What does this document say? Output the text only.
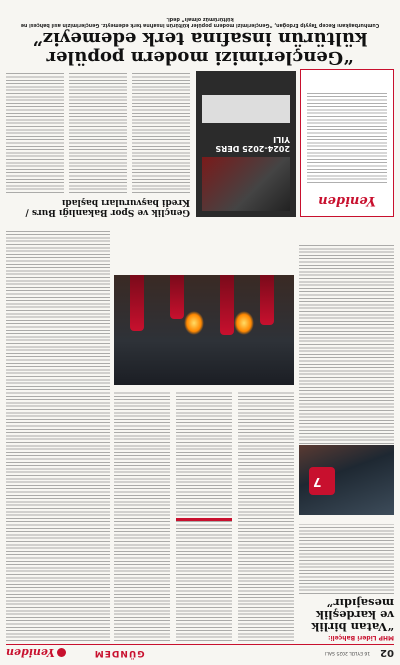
02
16 EYLÜL 2025 SALI
GÜNDEM
Yeniden
MHP Lideri Bahçeli:
“Vatan birlik ve kardeşlik mesajıdır”
7
Yeniden
2024-2025 DERS YILI
Gençlik ve Spor Bakanlığı Burs / Kredi başvuruları başladı

“Gençlerimizi modern popüler kültürün insafına terk edemeyiz”

Cumhurbaşkanı Recep Tayyip Erdoğan, “Gençlerimizi modern popüler kültürün insafına terk edemeyiz. Gençlerimizin asıl bahçesi ne kültürümüz olmalı” dedi.
